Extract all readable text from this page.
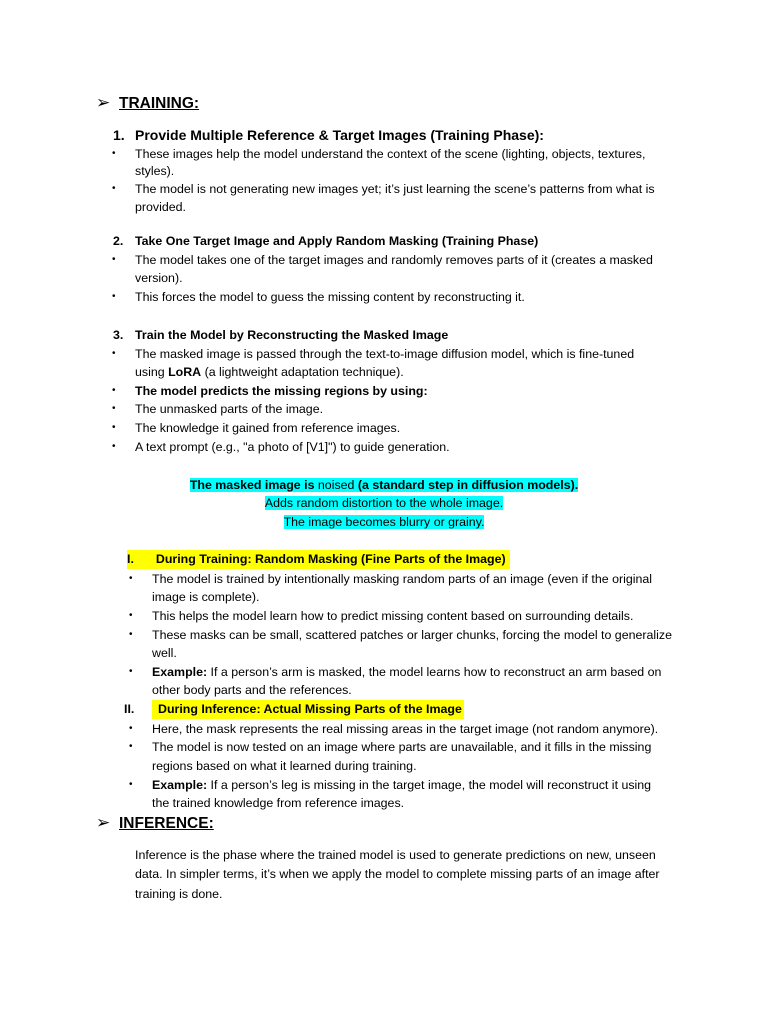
➢ TRAINING:
1. Provide Multiple Reference & Target Images (Training Phase):
• These images help the model understand the context of the scene (lighting, objects, textures,
styles).
• The model is not generating new images yet; it’s just learning the scene’s patterns from what is
provided.
2. Take One Target Image and Apply Random Masking (Training Phase)
• The model takes one of the target images and randomly removes parts of it (creates a masked
version).
• This forces the model to guess the missing content by reconstructing it.
3. Train the Model by Reconstructing the Masked Image
• The masked image is passed through the text-to-image diffusion model, which is fine-tuned
using LoRA (a lightweight adaptation technique).
• The model predicts the missing regions by using:
• The unmasked parts of the image.
• The knowledge it gained from reference images.
• A text prompt (e.g., "a photo of [V1]") to guide generation.
The masked image is noised (a standard step in diffusion models).
Adds random distortion to the whole image.
The image becomes blurry or grainy.
I. During Training: Random Masking (Fine Parts of the Image)
• The model is trained by intentionally masking random parts of an image (even if the original
image is complete).
• This helps the model learn how to predict missing content based on surrounding details.
• These masks can be small, scattered patches or larger chunks, forcing the model to generalize
well.
• Example: If a person’s arm is masked, the model learns how to reconstruct an arm based on
other body parts and the references.
II.	During Inference: Actual Missing Parts of the Image
• Here, the mask represents the real missing areas in the target image (not random anymore).
• The model is now tested on an image where parts are unavailable, and it fills in the missing
regions based on what it learned during training.
• Example: If a person’s leg is missing in the target image, the model will reconstruct it using
the trained knowledge from reference images.
➢ INFERENCE:
Inference is the phase where the trained model is used to generate predictions on new, unseen
data. In simpler terms, it’s when we apply the model to complete missing parts of an image after
training is done.
